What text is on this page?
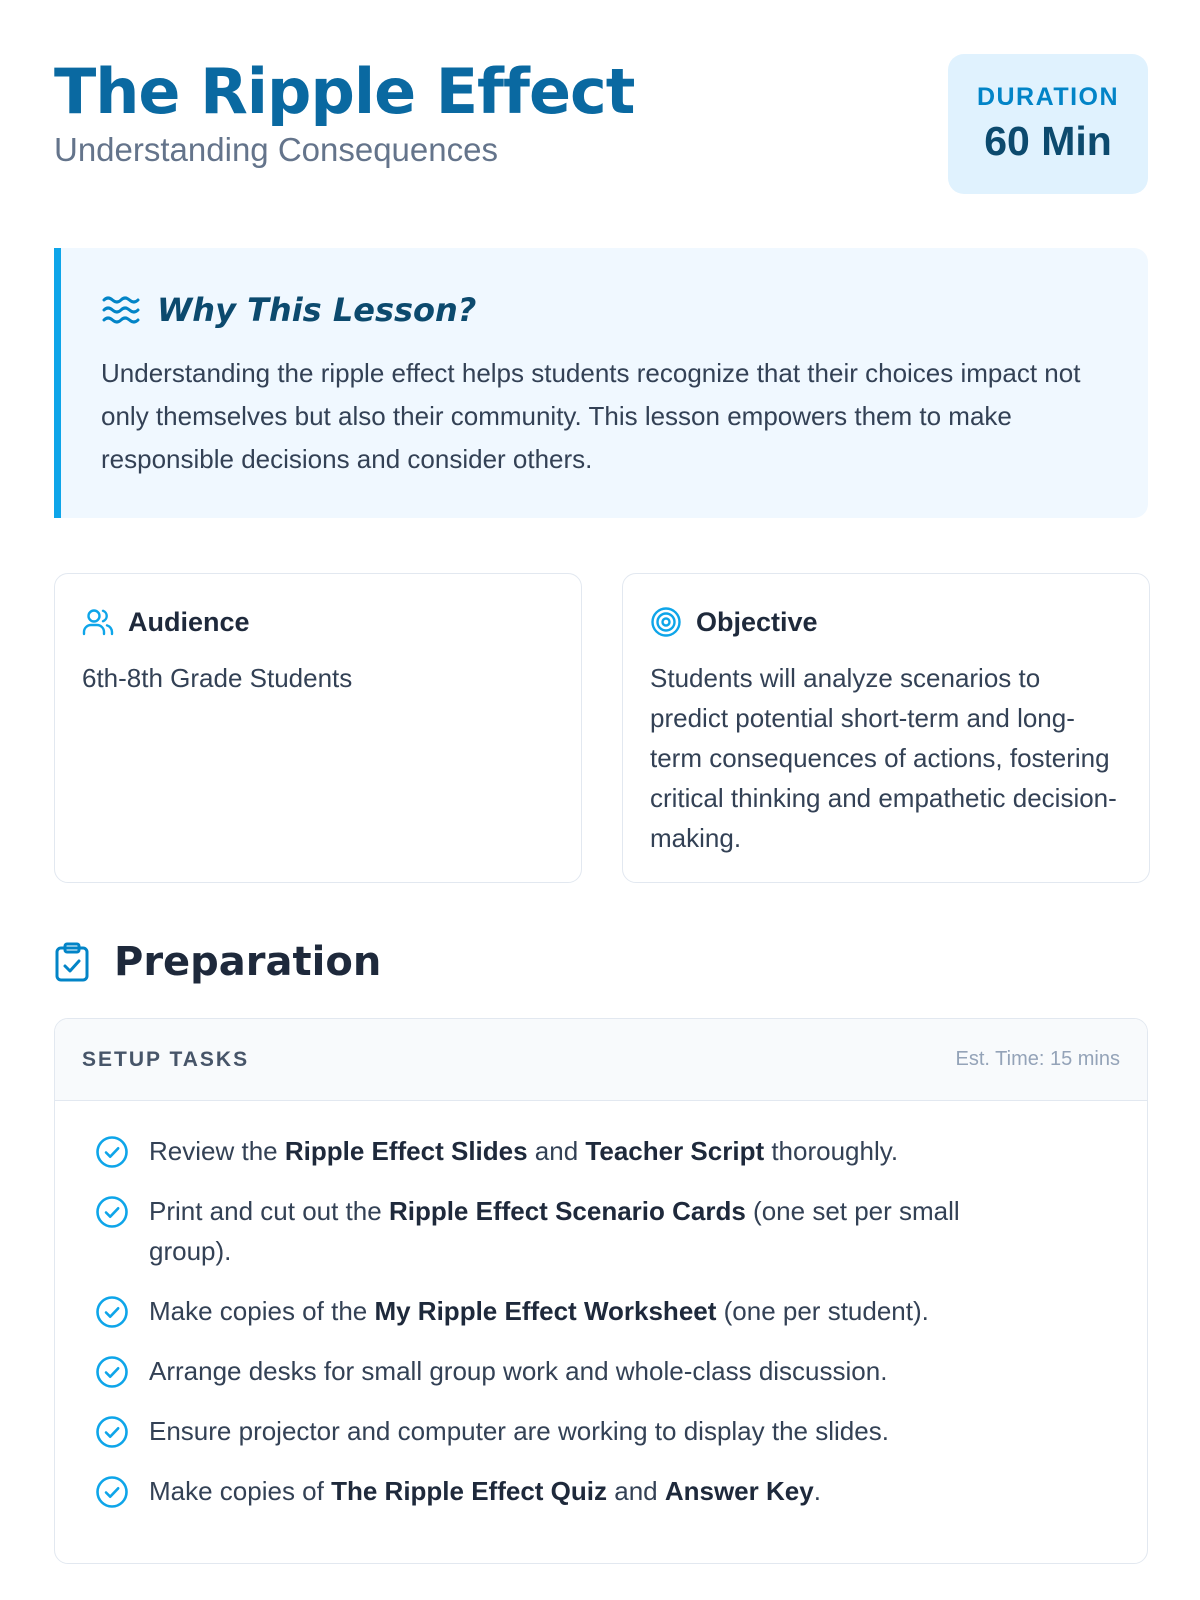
The Ripple Effect
Understanding Consequences
DURATION
60 Min
Why This Lesson?

Understanding the ripple effect helps students recognize that their choices impact not only themselves but also their community. This lesson empowers them to make responsible decisions and consider others.

Audience

6th-8th Grade Students

Objective

Students will analyze scenarios to predict potential short-term and long-term consequences of actions, fostering critical thinking and empathetic decision-making.

Preparation
SETUP TASKS	Est. Time: 15 mins
Review the Ripple Effect Slides and Teacher Script thoroughly.
Print and cut out the Ripple Effect Scenario Cards (one set per small group).
Make copies of the My Ripple Effect Worksheet (one per student).
Arrange desks for small group work and whole-class discussion.
Ensure projector and computer are working to display the slides.
Make copies of The Ripple Effect Quiz and Answer Key.
